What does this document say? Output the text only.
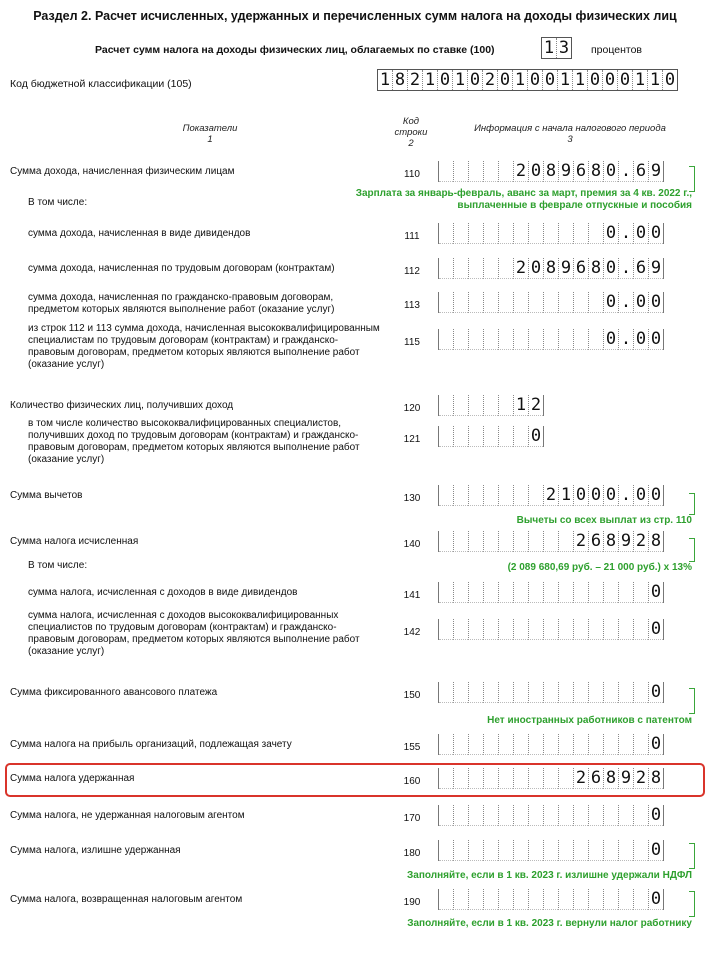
Раздел 2. Расчет исчисленных, удержанных и перечисленных сумм налога на доходы физических лиц
Расчет сумм налога на доходы физических лиц, облагаемых по ставке (100)	1 3 процентов
Код бюджетной классификации (105)	1 8 2 1 0 1 0 2 0 1 0 0 1 1 0 0 0 1 1 0
Показатели
1
Код
строки
2
Информация с начала налогового периода
3
Сумма дохода, начисленная физическим лицам	110	2 0 8 9 6 8 0 . 6 9
В том числе:
сумма дохода, начисленная в виде дивидендов	111	0 . 0 0
сумма дохода, начисленная по трудовым договорам (контрактам)	112	2 0 8 9 6 8 0 . 6 9
сумма дохода, начисленная по гражданско-правовым договорам, предметом которых являются выполнение работ (оказание услуг)	113	0 . 0 0
из строк 112 и 113 сумма дохода, начисленная высококвалифицированным специалистам по трудовым договорам (контрактам) и гражданско-правовым договорам, предметом которых являются выполнение работ (оказание услуг)
115	0 . 0 0
Количество физических лиц, получивших доход	120	1 2
в том числе количество высококвалифицированных специалистов, получивших доход по трудовым договорам (контрактам) и гражданско-правовым договорам, предметом которых являются выполнение работ (оказание услуг)
121	0
Сумма вычетов	130	2 1 0 0 0 . 0 0
Сумма налога исчисленная	140	2 6 8 9 2 8
В том числе:
сумма налога, исчисленная с доходов в виде дивидендов	141	0
сумма налога, исчисленная с доходов высококвалифицированных специалистов по трудовым договорам (контрактам) и гражданско-правовым договорам, предметом которых являются выполнение работ (оказание услуг)
142	0
Сумма фиксированного авансового платежа	150	0
Сумма налога на прибыль организаций, подлежащая зачету	155	0
Сумма налога удержанная	160	2 6 8 9 2 8
Сумма налога, не удержанная налоговым агентом	170	0
Сумма налога, излишне удержанная	180	0
Сумма налога, возвращенная налоговым агентом	190	0
Зарплата за январь-февраль, аванс за март, премия за 4 кв. 2022 г.,
выплаченные в феврале отпускные и пособия
Вычеты со всех выплат из стр. 110
(2 089 680,69 руб. – 21 000 руб.) x 13%
Нет иностранных работников с патентом
Заполняйте, если в 1 кв. 2023 г. излишне удержали НДФЛ
Заполняйте, если в 1 кв. 2023 г. вернули налог работнику
